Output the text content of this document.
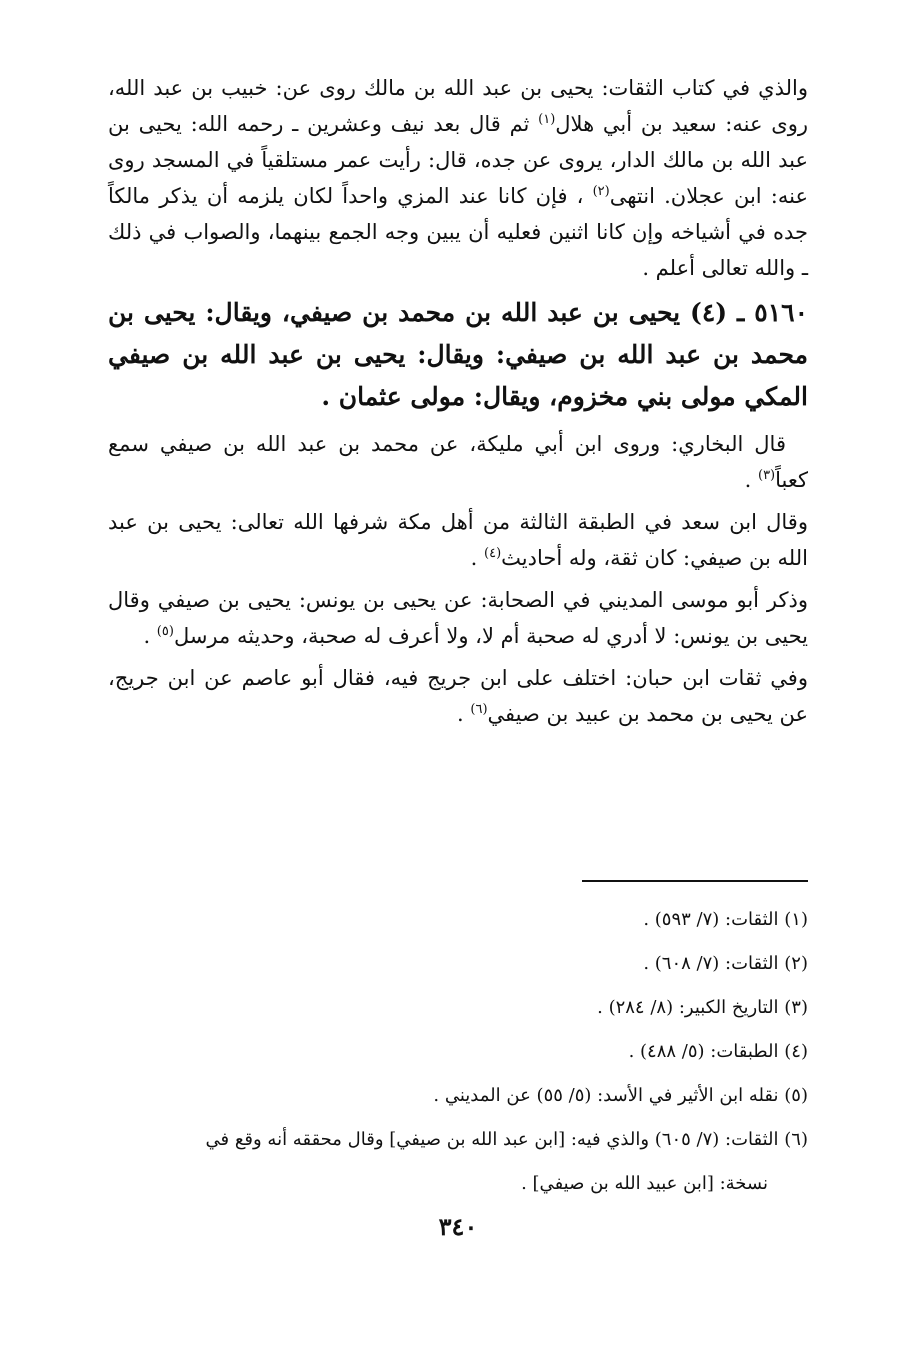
والذي في كتاب الثقات: يحيى بن عبد الله بن مالك روى عن: خبيب بن عبد الله، روى عنه: سعيد بن أبي هلال$^{(١)}$ ثم قال بعد نيف وعشرين ـ رحمه الله: يحيى بن عبد الله بن مالك الدار، يروى عن جده، قال: رأيت عمر مستلقياً في المسجد روى عنه: ابن عجلان. انتهى$^{(٢)}$ ، فإن كانا عند المزي واحداً لكان يلزمه أن يذكر مالكاً جده في أشياخه وإن كانا اثنين فعليه أن يبين وجه الجمع بينهما، والصواب في ذلك ـ والله تعالى أعلم .

٥١٦٠ ـ (٤) يحيى بن عبد الله بن محمد بن صيفي، ويقال: يحيى بن محمد بن عبد الله بن صيفي: ويقال: يحيى بن عبد الله بن صيفي المكي مولى بني مخزوم، ويقال: مولى عثمان .

قال البخاري: وروى ابن أبي مليكة، عن محمد بن عبد الله بن صيفي سمع كعباً$^{(٣)}$ .

وقال ابن سعد في الطبقة الثالثة من أهل مكة شرفها الله تعالى: يحيى بن عبد الله بن صيفي: كان ثقة، وله أحاديث$^{(٤)}$ .

وذكر أبو موسى المديني في الصحابة: عن يحيى بن يونس: يحيى بن صيفي وقال يحيى بن يونس: لا أدري له صحبة أم لا، ولا أعرف له صحبة، وحديثه مرسل$^{(٥)}$ .

وفي ثقات ابن حبان: اختلف على ابن جريج فيه، فقال أبو عاصم عن ابن جريج، عن يحيى بن محمد بن عبيد بن صيفي$^{(٦)}$ .

(١) الثقات: (٧/ ٥٩٣) .
(٢) الثقات: (٧/ ٦٠٨) .
(٣) التاريخ الكبير: (٨/ ٢٨٤) .
(٤) الطبقات: (٥/ ٤٨٨) .
(٥) نقله ابن الأثير في الأسد: (٥/ ٥٥) عن المديني .
(٦) الثقات: (٧/ ٦٠٥) والذي فيه: [ابن عبد الله بن صيفي] وقال محققه أنه وقع في
نسخة: [ابن عبيد الله بن صيفي] .
٣٤٠
